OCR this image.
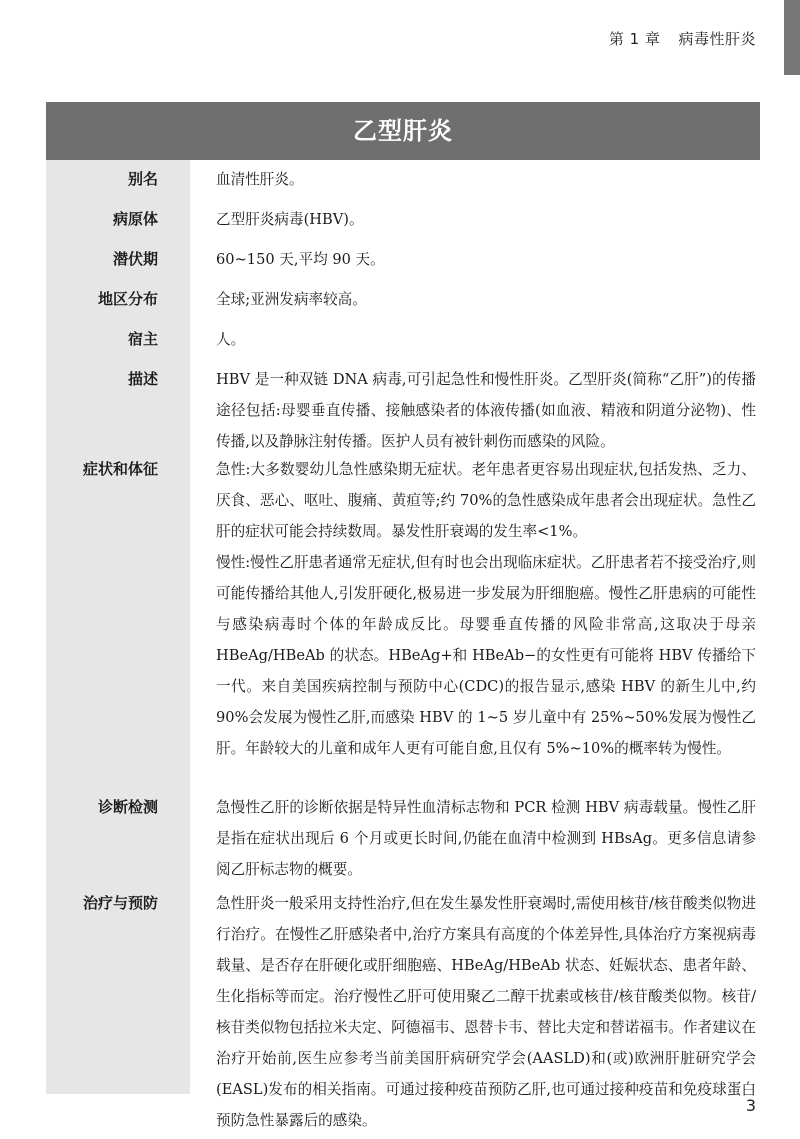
第 1 章 病毒性肝炎
乙型肝炎
别名	血清性肝炎。
病原体	乙型肝炎病毒(HBV)。
潜伏期	60~150 天,平均 90 天。
地区分布	全球;亚洲发病率较高。
宿主	人。
描述	HBV 是一种双链 DNA 病毒,可引起急性和慢性肝炎。乙型肝炎(简称“乙肝”)的传播途径包括:母婴垂直传播、接触感染者的体液传播(如血液、精液和阴道分泌物)、性传播,以及静脉注射传播。医护人员有被针刺伤而感染的风险。
症状和体征	急性:大多数婴幼儿急性感染期无症状。老年患者更容易出现症状,包括发热、乏力、厌食、恶心、呕吐、腹痛、黄疸等;约 70%的急性感染成年患者会出现症状。急性乙肝的症状可能会持续数周。暴发性肝衰竭的发生率<1%。

慢性:慢性乙肝患者通常无症状,但有时也会出现临床症状。乙肝患者若不接受治疗,则可能传播给其他人,引发肝硬化,极易进一步发展为肝细胞癌。慢性乙肝患病的可能性与感染病毒时个体的年龄成反比。母婴垂直传播的风险非常高,这取决于母亲 HBeAg/HBeAb 的状态。HBeAg+和 HBeAb−的女性更有可能将 HBV 传播给下一代。来自美国疾病控制与预防中心(CDC)的报告显示,感染 HBV 的新生儿中,约 90%会发展为慢性乙肝,而感染 HBV 的 1~5 岁儿童中有 25%~50%发展为慢性乙肝。年龄较大的儿童和成年人更有可能自愈,且仅有 5%~10%的概率转为慢性。

诊断检测	急慢性乙肝的诊断依据是特异性血清标志物和 PCR 检测 HBV 病毒载量。慢性乙肝是指在症状出现后 6 个月或更长时间,仍能在血清中检测到 HBsAg。更多信息请参阅乙肝标志物的概要。
治疗与预防	急性肝炎一般采用支持性治疗,但在发生暴发性肝衰竭时,需使用核苷/核苷酸类似物进行治疗。在慢性乙肝感染者中,治疗方案具有高度的个体差异性,具体治疗方案视病毒载量、是否存在肝硬化或肝细胞癌、HBeAg/HBeAb 状态、妊娠状态、患者年龄、生化指标等而定。治疗慢性乙肝可使用聚乙二醇干扰素或核苷/核苷酸类似物。核苷/核苷类似物包括拉米夫定、阿德福韦、恩替卡韦、替比夫定和替诺福韦。作者建议在治疗开始前,医生应参考当前美国肝病研究学会(AASLD)和(或)欧洲肝脏研究学会(EASL)发布的相关指南。可通过接种疫苗预防乙肝,也可通过接种疫苗和免疫球蛋白预防急性暴露后的感染。
3
